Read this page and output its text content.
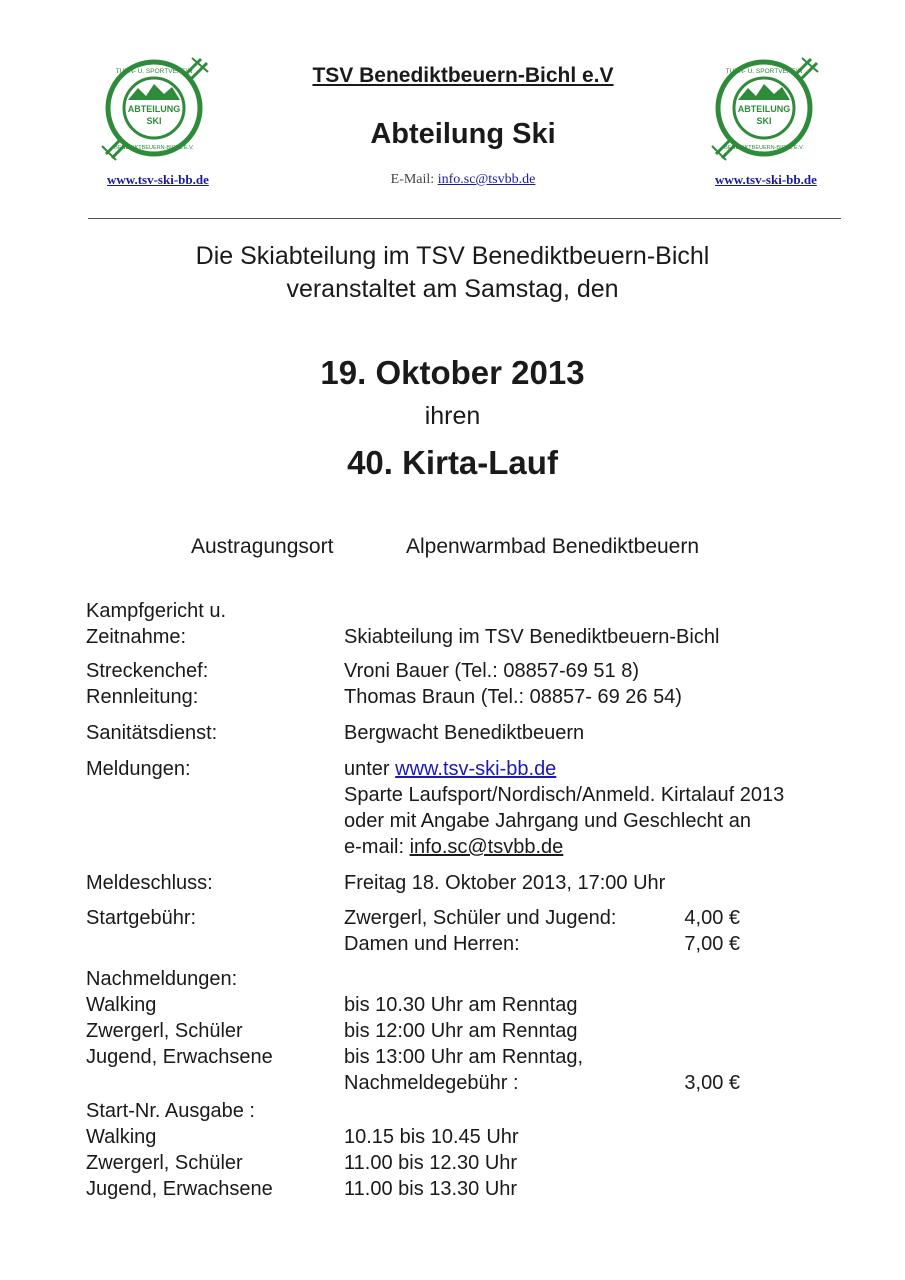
ABTEILUNG
SKI
TURN- U. SPORTVEREIN
BENEDIKTBEUERN-BICHL E.V.
www.tsv-ski-bb.de
ABTEILUNG
SKI
TURN- U. SPORTVEREIN
BENEDIKTBEUERN-BICHL E.V.
www.tsv-ski-bb.de
TSV Benediktbeuern-Bichl e.V
Abteilung Ski
E-Mail: info.sc@tsvbb.de
Die Skiabteilung im TSV Benediktbeuern-Bichl
veranstaltet am Samstag, den
19. Oktober 2013
ihren
40. Kirta-Lauf
Austragungsort	Alpenwarmbad Benediktbeuern
Kampfgericht u.
Zeitnahme:	Skiabteilung im TSV Benediktbeuern-Bichl
Streckenchef:	Vroni Bauer (Tel.: 08857-69 51 8)
Rennleitung:	Thomas Braun (Tel.: 08857- 69 26 54)
Sanitätsdienst:	Bergwacht Benediktbeuern
Meldungen:	unter www.tsv-ski-bb.de
Sparte Laufsport/Nordisch/Anmeld. Kirtalauf 2013
oder mit Angabe Jahrgang und Geschlecht an
e-mail: info.sc@tsvbb.de
Meldeschluss:	Freitag 18. Oktober 2013, 17:00 Uhr
Startgebühr:	Zwergerl, Schüler und Jugend:	4,00 €
Damen und Herren:	7,00 €
Nachmeldungen:
Walking	bis 10.30 Uhr am Renntag
Zwergerl, Schüler	bis 12:00 Uhr am Renntag
Jugend, Erwachsene	bis 13:00 Uhr am Renntag,
Nachmeldegebühr :	3,00 €
Start-Nr. Ausgabe :
Walking	10.15 bis 10.45 Uhr
Zwergerl, Schüler	11.00 bis 12.30 Uhr
Jugend, Erwachsene	11.00 bis 13.30 Uhr
